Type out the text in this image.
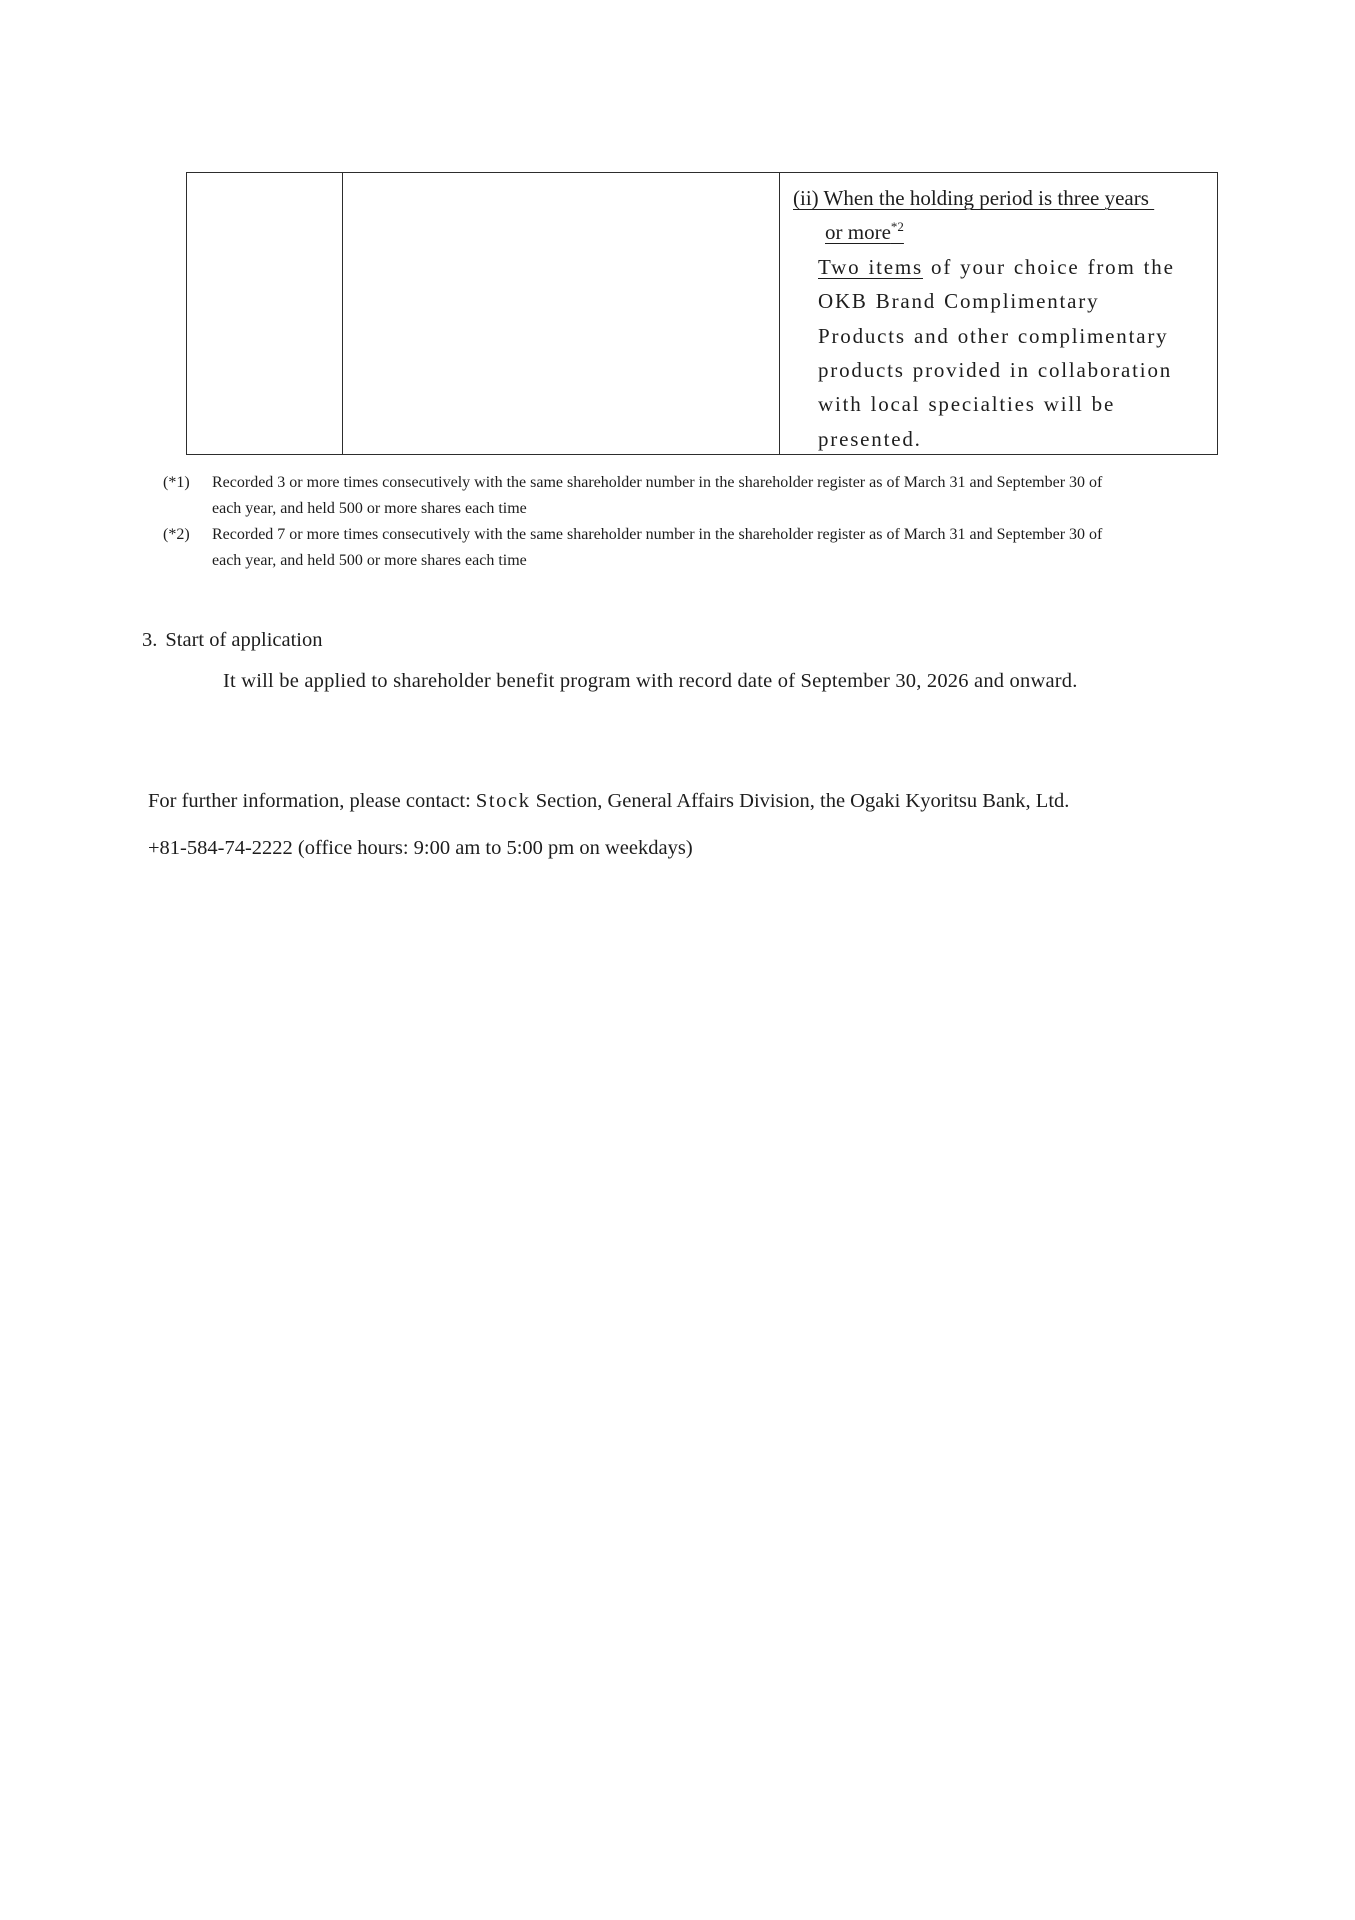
(ii) When the holding period is three years
or more$^{*2}$
Two items of your choice from the
OKB Brand Complimentary
Products and other complimentary
products provided in collaboration
with local specialties will be
presented.
(*1)	Recorded 3 or more times consecutively with the same shareholder number in the shareholder register as of March 31 and September 30 of
each year, and held 500 or more shares each time
(*2)	Recorded 7 or more times consecutively with the same shareholder number in the shareholder register as of March 31 and September 30 of
each year, and held 500 or more shares each time
3. Start of application
It will be applied to shareholder benefit program with record date of September 30, 2026 and onward.
For further information, please contact: Stock Section, General Affairs Division, the Ogaki Kyoritsu Bank, Ltd.
+81-584-74-2222 (office hours: 9:00 am to 5:00 pm on weekdays)
